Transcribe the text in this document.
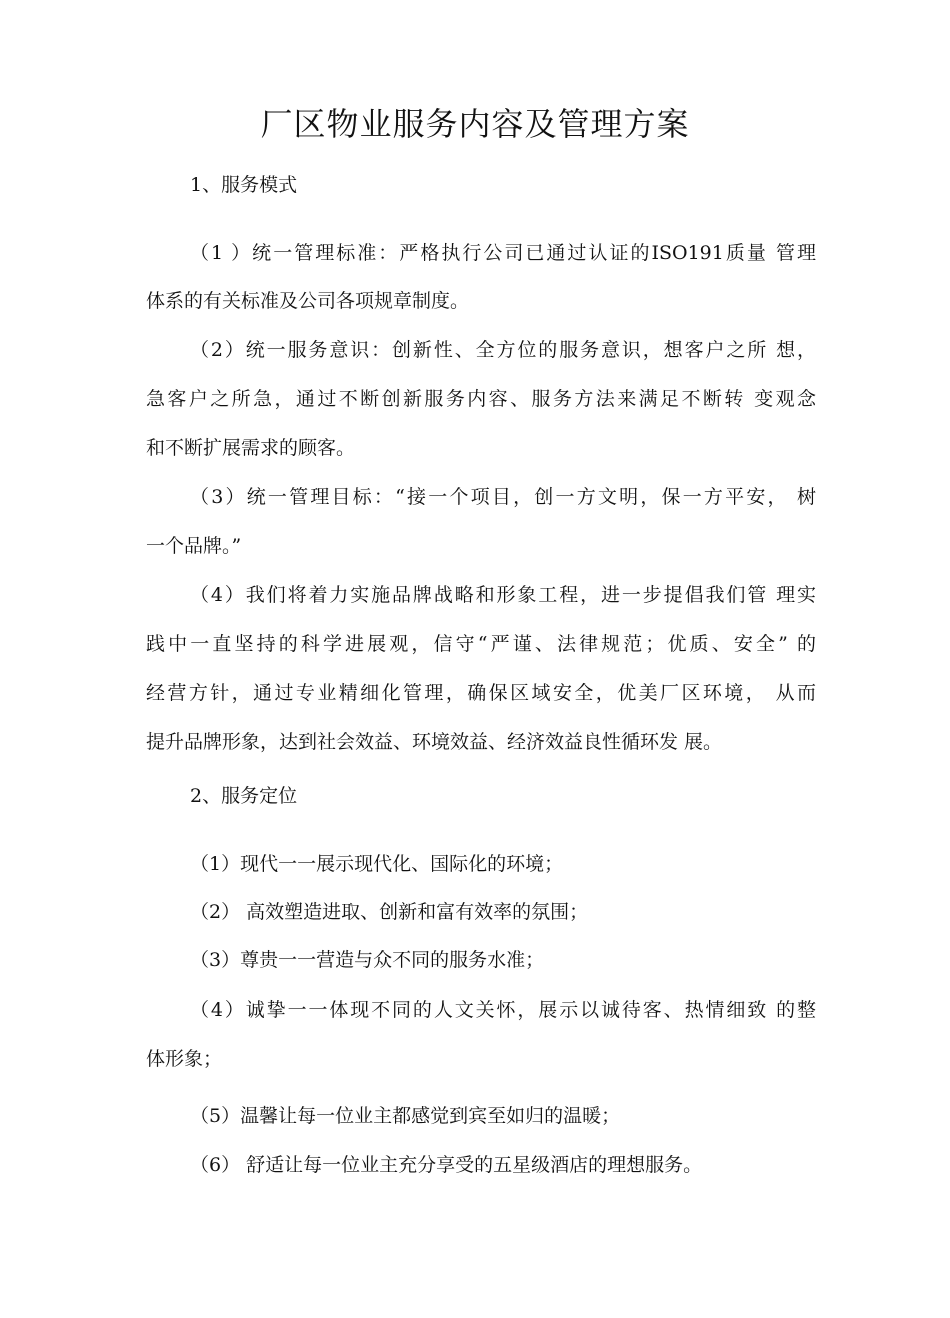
厂区物业服务内容及管理方案
1、服务模式
（1 ）统一管理标准：严格执行公司已通过认证的ISO191质量 管理
体系的有关标准及公司各项规章制度。
（2）统一服务意识：创新性、全方位的服务意识，想客户之所 想，
急客户之所急，通过不断创新服务内容、服务方法来满足不断转 变观念
和不断扩展需求的顾客。
（3）统一管理目标：“接一个项目，创一方文明，保一方平安， 树
一个品牌。”
（4）我们将着力实施品牌战略和形象工程，进一步提倡我们管 理实
践中一直坚持的科学进展观，信守“严谨、法律规范；优质、安全” 的
经营方针，通过专业精细化管理，确保区域安全，优美厂区环境， 从而
提升品牌形象，达到社会效益、环境效益、经济效益良性循环发 展。
2、服务定位
（1）现代一一展示现代化、国际化的环境；
（2） 高效塑造进取、创新和富有效率的氛围；
（3）尊贵一一营造与众不同的服务水准；
（4）诚挚一一体现不同的人文关怀，展示以诚待客、热情细致 的整
体形象；
（5）温馨让每一位业主都感觉到宾至如归的温暖；
（6） 舒适让每一位业主充分享受的五星级酒店的理想服务。
